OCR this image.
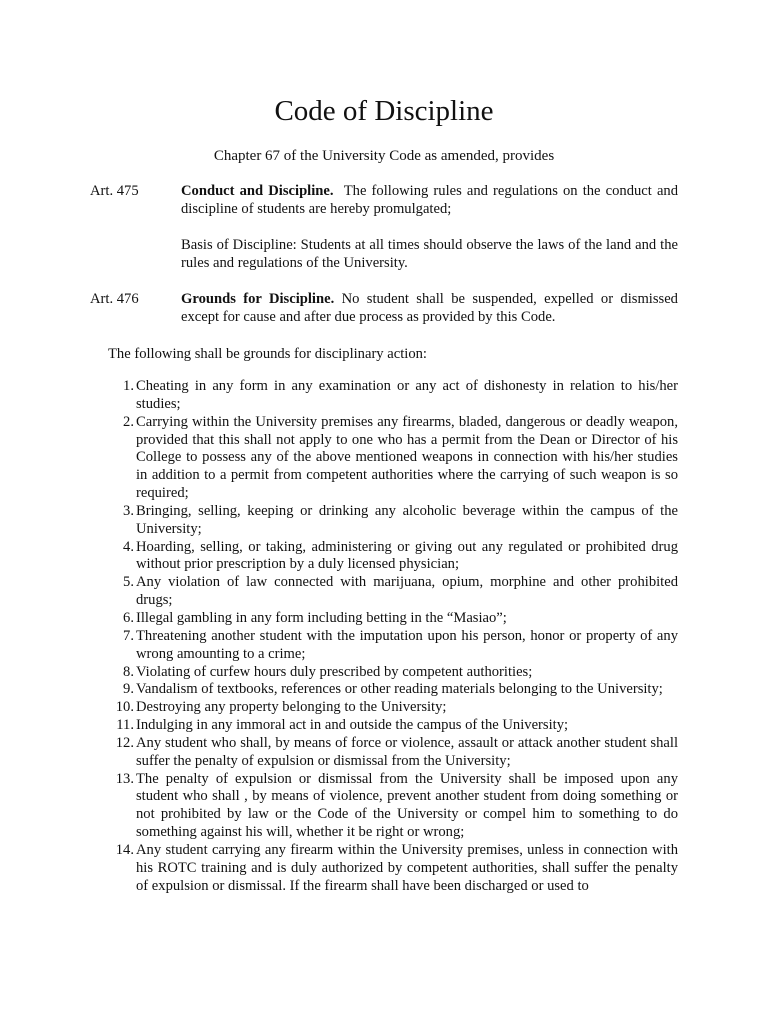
Code of Discipline
Chapter 67 of the University Code as amended, provides
Art. 475	Conduct and Discipline. The following rules and regulations on the conduct and discipline of students are hereby promulgated;

Basis of Discipline: Students at all times should observe the laws of the land and the rules and regulations of the University.

Art. 476	Grounds for Discipline. No student shall be suspended, expelled or dismissed except for cause and after due process as provided by this Code.

The following shall be grounds for disciplinary action:
1. Cheating in any form in any examination or any act of dishonesty in relation to his/her studies;
2. Carrying within the University premises any firearms, bladed, dangerous or deadly weapon, provided that this shall not apply to one who has a permit from the Dean or Director of his College to possess any of the above mentioned weapons in connection with his/her studies in addition to a permit from competent authorities where the carrying of such weapon is so required;
3. Bringing, selling, keeping or drinking any alcoholic beverage within the campus of the University;
4. Hoarding, selling, or taking, administering or giving out any regulated or prohibited drug without prior prescription by a duly licensed physician;
5. Any violation of law connected with marijuana, opium, morphine and other prohibited drugs;
6. Illegal gambling in any form including betting in the “Masiao”;
7. Threatening another student with the imputation upon his person, honor or property of any wrong amounting to a crime;
8. Violating of curfew hours duly prescribed by competent authorities;
9. Vandalism of textbooks, references or other reading materials belonging to the University;
10. Destroying any property belonging to the University;
11. Indulging in any immoral act in and outside the campus of the University;
12. Any student who shall, by means of force or violence, assault or attack another student shall suffer the penalty of expulsion or dismissal from the University;
13. The penalty of expulsion or dismissal from the University shall be imposed upon any student who shall , by means of violence, prevent another student from doing something or not prohibited by law or the Code of the University or compel him to something to do something against his will, whether it be right or wrong;
14. Any student carrying any firearm within the University premises, unless in connection with his ROTC training and is duly authorized by competent authorities, shall suffer the penalty of expulsion or dismissal. If the firearm shall have been discharged or used to
